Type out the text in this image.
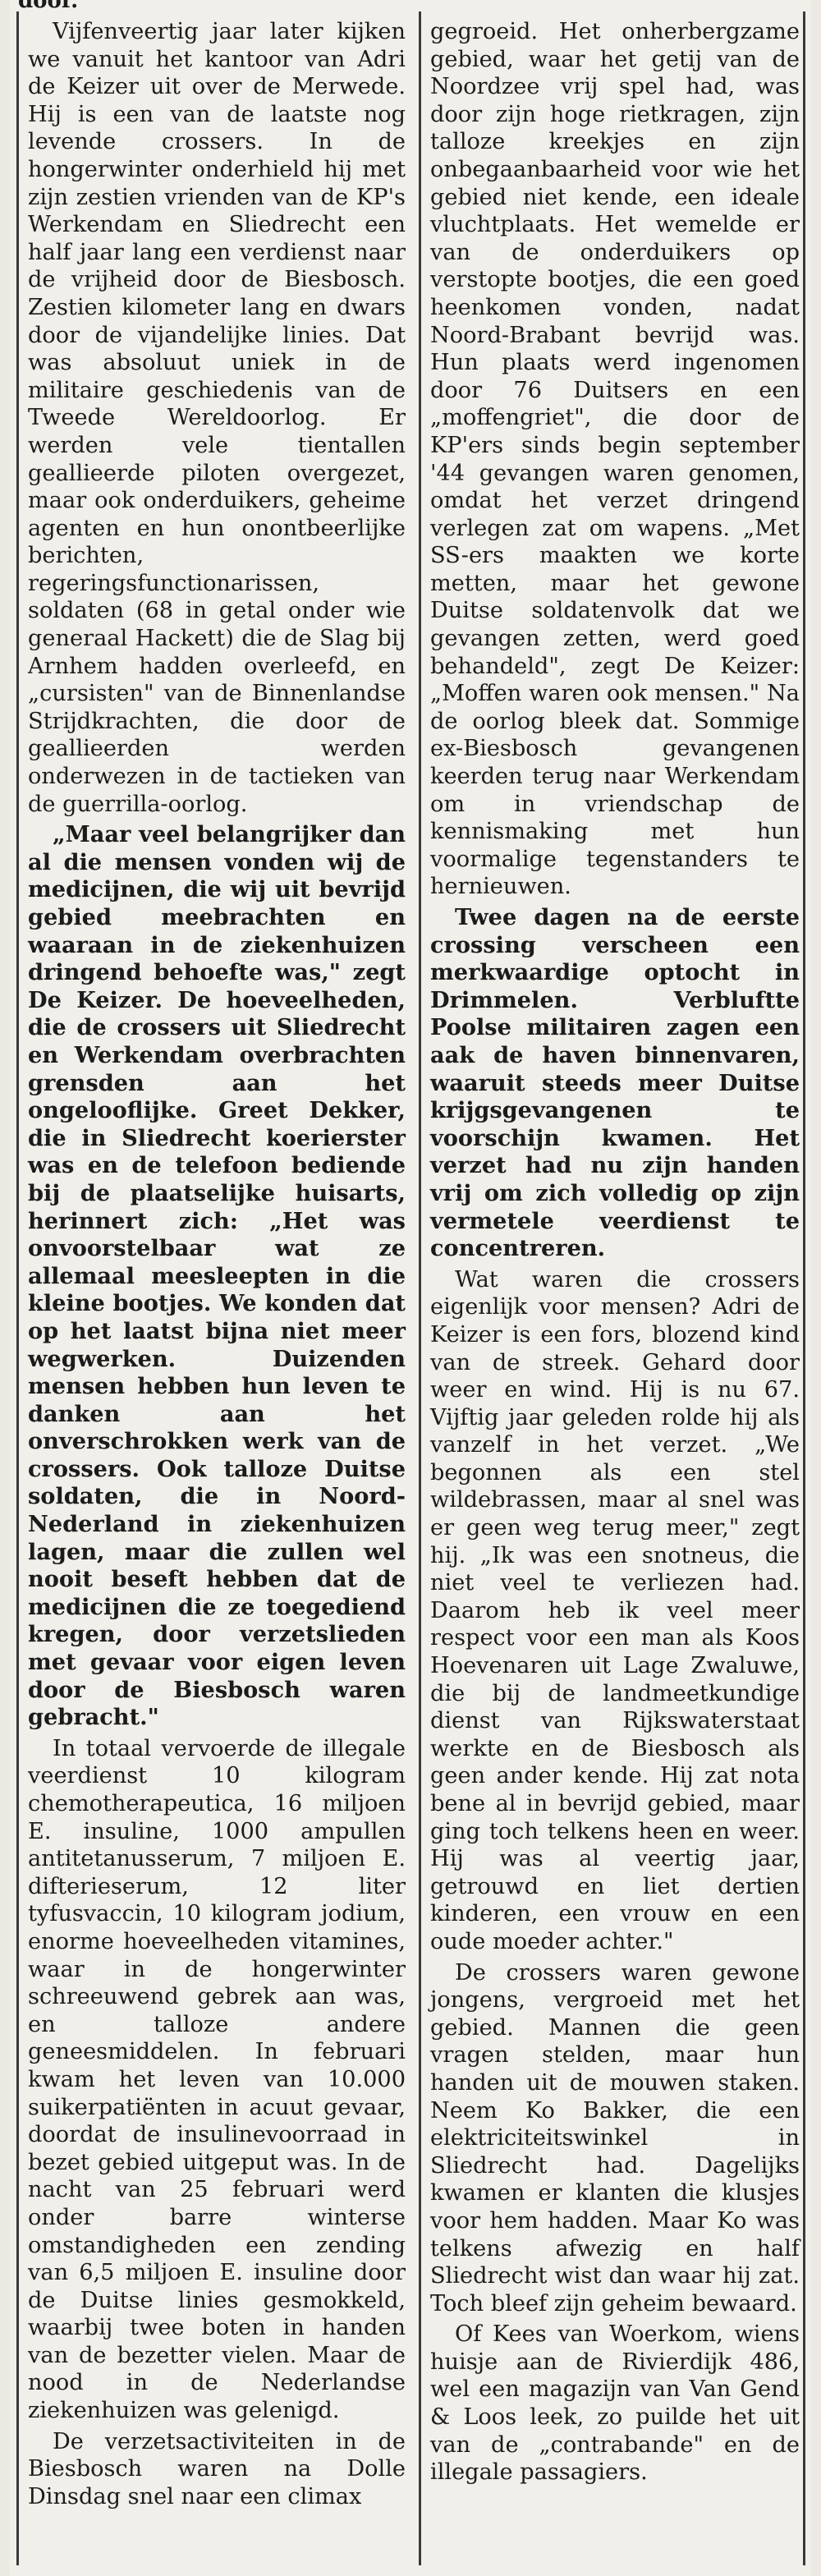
Vijfenveertig jaar later kijken we vanuit het kantoor van Adri de Keizer uit over de Merwede. Hij is een van de laatste nog levende crossers. In de hongerwinter onderhield hij met zijn zestien vrienden van de KP's Werkendam en Sliedrecht een half jaar lang een verdienst naar de vrijheid door de Biesbosch. Zestien kilometer lang en dwars door de vijandelijke linies. Dat was absoluut uniek in de militaire geschiedenis van de Tweede Wereldoorlog. Er werden vele tientallen geallieerde piloten overgezet, maar ook onderduikers, geheime agenten en hun onontbeerlijke berichten, regeringsfunctionarissen, soldaten (68 in getal onder wie generaal Hackett) die de Slag bij Arnhem hadden overleefd, en „cursisten" van de Binnenlandse Strijdkrachten, die door de geallieerden werden onderwezen in de tactieken van de guerrilla-oorlog.

„Maar veel belangrijker dan al die mensen vonden wij de medicijnen, die wij uit bevrijd gebied meebrachten en waaraan in de ziekenhuizen dringend behoefte was," zegt De Keizer. De hoeveelheden, die de crossers uit Sliedrecht en Werkendam overbrachten grensden aan het ongelooflijke. Greet Dekker, die in Sliedrecht koerierster was en de telefoon bediende bij de plaatselijke huisarts, herinnert zich: „Het was onvoorstelbaar wat ze allemaal meesleepten in die kleine bootjes. We konden dat op het laatst bijna niet meer wegwerken. Duizenden mensen hebben hun leven te danken aan het onverschrokken werk van de crossers. Ook talloze Duitse soldaten, die in Noord-Nederland in ziekenhuizen lagen, maar die zullen wel nooit beseft hebben dat de medicijnen die ze toegediend kregen, door verzetslieden met gevaar voor eigen leven door de Biesbosch waren gebracht."

In totaal vervoerde de illegale veerdienst 10 kilogram chemotherapeutica, 16 miljoen E. insuline, 1000 ampullen antitetanusserum, 7 miljoen E. difterieserum, 12 liter tyfusvaccin, 10 kilogram jodium, enorme hoeveelheden vitamines, waar in de hongerwinter schreeuwend gebrek aan was, en talloze andere geneesmiddelen. In februari kwam het leven van 10.000 suikerpatiënten in acuut gevaar, doordat de insulinevoorraad in bezet gebied uitgeput was. In de nacht van 25 februari werd onder barre winterse omstandigheden een zending van 6,5 miljoen E. insuline door de Duitse linies gesmokkeld, waarbij twee boten in handen van de bezetter vielen. Maar de nood in de Nederlandse ziekenhuizen was gelenigd.

De verzetsactiviteiten in de Biesbosch waren na Dolle Dinsdag snel naar een climax

gegroeid. Het onherbergzame gebied, waar het getij van de Noordzee vrij spel had, was door zijn hoge rietkragen, zijn talloze kreekjes en zijn onbegaanbaarheid voor wie het gebied niet kende, een ideale vluchtplaats. Het wemelde er van de onderduikers op verstopte bootjes, die een goed heenkomen vonden, nadat Noord-Brabant bevrijd was. Hun plaats werd ingenomen door 76 Duitsers en een „moffengriet", die door de KP'ers sinds begin september '44 gevangen waren genomen, omdat het verzet dringend verlegen zat om wapens. „Met SS-ers maakten we korte metten, maar het gewone Duitse soldatenvolk dat we gevangen zetten, werd goed behandeld", zegt De Keizer: „Moffen waren ook mensen." Na de oorlog bleek dat. Sommige ex-Biesbosch gevangenen keerden terug naar Werkendam om in vriendschap de kennismaking met hun voormalige tegenstanders te hernieuwen.

Twee dagen na de eerste crossing verscheen een merkwaardige optocht in Drimmelen. Verbluftte Poolse militairen zagen een aak de haven binnenvaren, waaruit steeds meer Duitse krijgsgevangenen te voorschijn kwamen. Het verzet had nu zijn handen vrij om zich volledig op zijn vermetele veerdienst te concentreren.

Wat waren die crossers eigenlijk voor mensen? Adri de Keizer is een fors, blozend kind van de streek. Gehard door weer en wind. Hij is nu 67. Vijftig jaar geleden rolde hij als vanzelf in het verzet. „We begonnen als een stel wildebrassen, maar al snel was er geen weg terug meer," zegt hij. „Ik was een snotneus, die niet veel te verliezen had. Daarom heb ik veel meer respect voor een man als Koos Hoevenaren uit Lage Zwaluwe, die bij de landmeetkundige dienst van Rijkswaterstaat werkte en de Biesbosch als geen ander kende. Hij zat nota bene al in bevrijd gebied, maar ging toch telkens heen en weer. Hij was al veertig jaar, getrouwd en liet dertien kinderen, een vrouw en een oude moeder achter."

De crossers waren gewone jongens, vergroeid met het gebied. Mannen die geen vragen stelden, maar hun handen uit de mouwen staken. Neem Ko Bakker, die een elektriciteitswinkel in Sliedrecht had. Dagelijks kwamen er klanten die klusjes voor hem hadden. Maar Ko was telkens afwezig en half Sliedrecht wist dan waar hij zat. Toch bleef zijn geheim bewaard.

Of Kees van Woerkom, wiens huisje aan de Rivierdijk 486, wel een magazijn van Van Gend & Loos leek, zo puilde het uit van de „contrabande" en de illegale passagiers.
